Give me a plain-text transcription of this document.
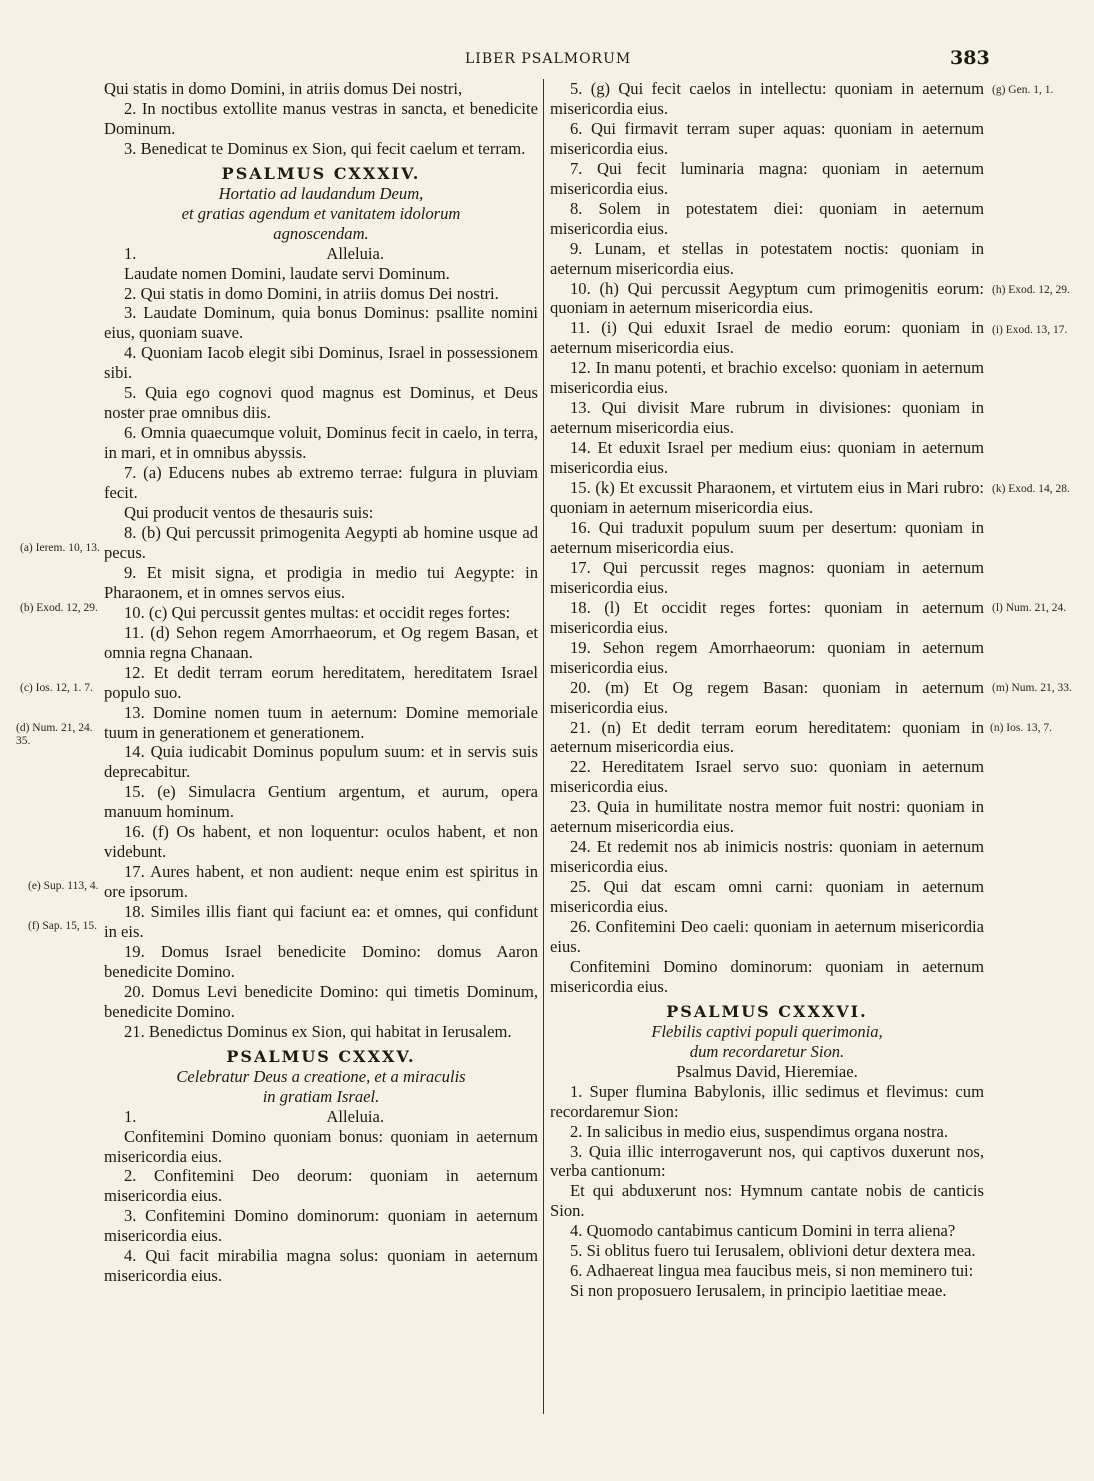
LIBER PSALMORUM	383

Qui statis in domo Domini, in atriis domus Dei nostri,

2. In noctibus extollite manus vestras in sancta, et benedicite Dominum.

3. Benedicat te Dominus ex Sion, qui fecit caelum et terram.

PSALMUS CXXXIV.

Hortatio ad laudandum Deum,

et gratias agendum et vanitatem idolorum

agnoscendam.

1.	Alleluia.

Laudate nomen Domini, laudate servi Dominum.

2. Qui statis in domo Domini, in atriis domus Dei nostri.

3. Laudate Dominum, quia bonus Dominus: psallite nomini eius, quoniam suave.

4. Quoniam Iacob elegit sibi Dominus, Israel in possessionem sibi.

5. Quia ego cognovi quod magnus est Dominus, et Deus noster prae omnibus diis.

6. Omnia quaecumque voluit, Dominus fecit in caelo, in terra, in mari, et in omnibus abyssis.

7. (a) Educens nubes ab extremo terrae: fulgura in pluviam fecit.

Qui producit ventos de thesauris suis:

8. (b) Qui percussit primogenita Aegypti ab homine usque ad pecus.

9. Et misit signa, et prodigia in medio tui Aegypte: in Pharaonem, et in omnes servos eius.

10. (c) Qui percussit gentes multas: et occidit reges fortes:

11. (d) Sehon regem Amorrhaeorum, et Og regem Basan, et omnia regna Chanaan.

12. Et dedit terram eorum hereditatem, hereditatem Israel populo suo.

13. Domine nomen tuum in aeternum: Domine memoriale tuum in generationem et generationem.

14. Quia iudicabit Dominus populum suum: et in servis suis deprecabitur.

15. (e) Simulacra Gentium argentum, et aurum, opera manuum hominum.

16. (f) Os habent, et non loquentur: oculos habent, et non videbunt.

17. Aures habent, et non audient: neque enim est spiritus in ore ipsorum.

18. Similes illis fiant qui faciunt ea: et omnes, qui confidunt in eis.

19. Domus Israel benedicite Domino: domus Aaron benedicite Domino.

20. Domus Levi benedicite Domino: qui timetis Dominum, benedicite Domino.

21. Benedictus Dominus ex Sion, qui habitat in Ierusalem.

PSALMUS CXXXV.

Celebratur Deus a creatione, et a miraculis

in gratiam Israel.

1.	Alleluia.

Confitemini Domino quoniam bonus: quoniam in aeternum misericordia eius.

2. Confitemini Deo deorum: quoniam in aeternum misericordia eius.

3. Confitemini Domino dominorum: quoniam in aeternum misericordia eius.

4. Qui facit mirabilia magna solus: quoniam in aeternum misericordia eius.

5. (g) Qui fecit caelos in intellectu: quoniam in aeternum misericordia eius.

6. Qui firmavit terram super aquas: quoniam in aeternum misericordia eius.

7. Qui fecit luminaria magna: quoniam in aeternum misericordia eius.

8. Solem in potestatem diei: quoniam in aeternum misericordia eius.

9. Lunam, et stellas in potestatem noctis: quoniam in aeternum misericordia eius.

10. (h) Qui percussit Aegyptum cum primogenitis eorum: quoniam in aeternum misericordia eius.

11. (i) Qui eduxit Israel de medio eorum: quoniam in aeternum misericordia eius.

12. In manu potenti, et brachio excelso: quoniam in aeternum misericordia eius.

13. Qui divisit Mare rubrum in divisiones: quoniam in aeternum misericordia eius.

14. Et eduxit Israel per medium eius: quoniam in aeternum misericordia eius.

15. (k) Et excussit Pharaonem, et virtutem eius in Mari rubro: quoniam in aeternum misericordia eius.

16. Qui traduxit populum suum per desertum: quoniam in aeternum misericordia eius.

17. Qui percussit reges magnos: quoniam in aeternum misericordia eius.

18. (l) Et occidit reges fortes: quoniam in aeternum misericordia eius.

19. Sehon regem Amorrhaeorum: quoniam in aeternum misericordia eius.

20. (m) Et Og regem Basan: quoniam in aeternum misericordia eius.

21. (n) Et dedit terram eorum hereditatem: quoniam in aeternum misericordia eius.

22. Hereditatem Israel servo suo: quoniam in aeternum misericordia eius.

23. Quia in humilitate nostra memor fuit nostri: quoniam in aeternum misericordia eius.

24. Et redemit nos ab inimicis nostris: quoniam in aeternum misericordia eius.

25. Qui dat escam omni carni: quoniam in aeternum misericordia eius.

26. Confitemini Deo caeli: quoniam in aeternum misericordia eius.

Confitemini Domino dominorum: quoniam in aeternum misericordia eius.

PSALMUS CXXXVI.

Flebilis captivi populi querimonia,

dum recordaretur Sion.

Psalmus David, Hieremiae.

1. Super flumina Babylonis, illic sedimus et flevimus: cum recordaremur Sion:

2. In salicibus in medio eius, suspendimus organa nostra.

3. Quia illic interrogaverunt nos, qui captivos duxerunt nos, verba cantionum:

Et qui abduxerunt nos: Hymnum cantate nobis de canticis Sion.

4. Quomodo cantabimus canticum Domini in terra aliena?

5. Si oblitus fuero tui Ierusalem, oblivioni detur dextera mea.

6. Adhaereat lingua mea faucibus meis, si non meminero tui:

Si non proposuero Ierusalem, in principio laetitiae meae.

(a) Ierem. 10, 13.
(b) Exod. 12, 29.
(c) Ios. 12, 1. 7.
(d) Num. 21, 24. 35.
(e) Sup. 113, 4.
(f) Sap. 15, 15.
(g) Gen. 1, 1.
(h) Exod. 12, 29.
(i) Exod. 13, 17.
(k) Exod. 14, 28.
(l) Num. 21, 24.
(m) Num. 21, 33.
(n) Ios. 13, 7.
